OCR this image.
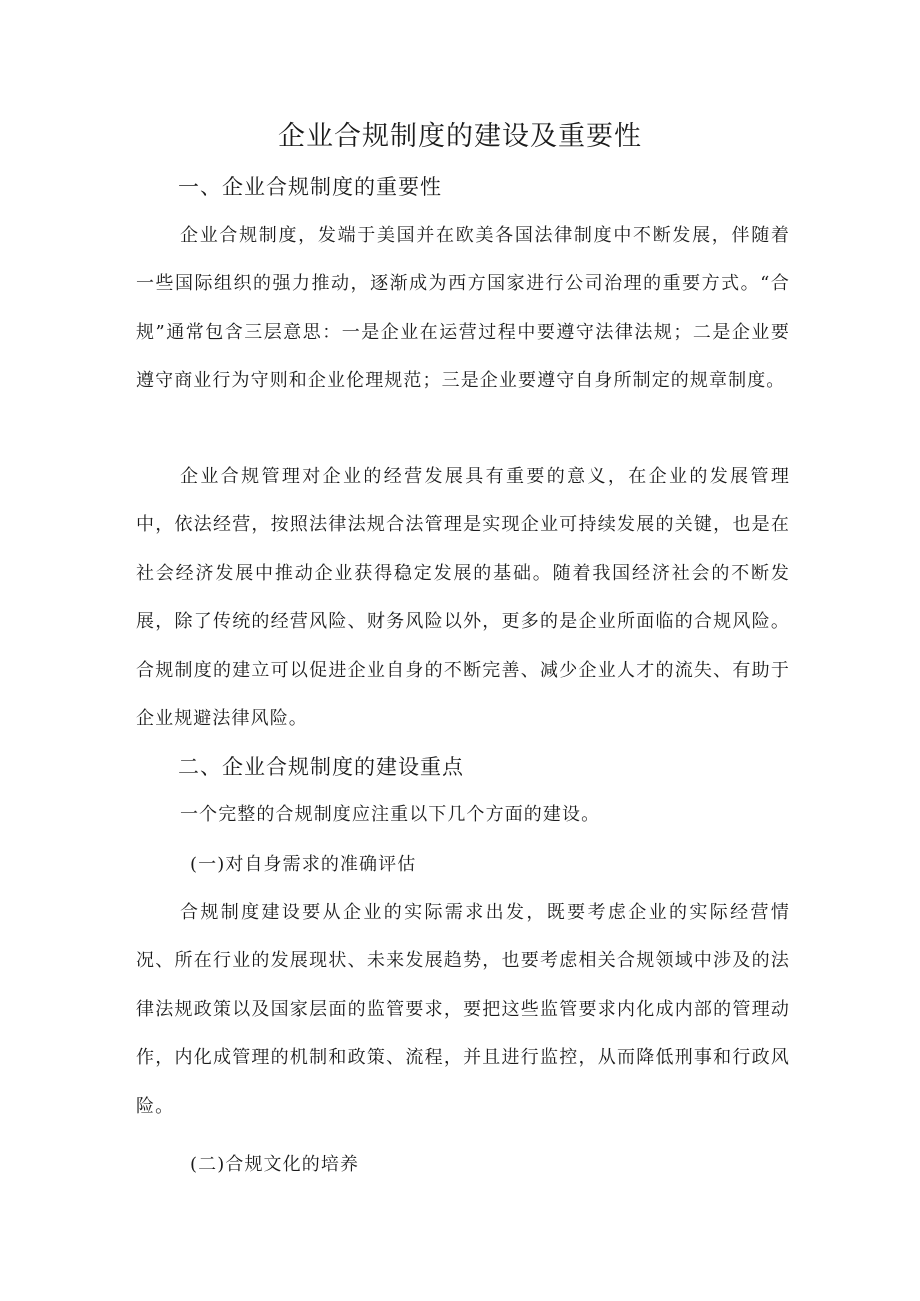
企业合规制度的建设及重要性
一、企业合规制度的重要性
企业合规制度，发端于美国并在欧美各国法律制度中不断发展，伴随着一些国际组织的强力推动，逐渐成为西方国家进行公司治理的重要方式。“合规”通常包含三层意思：一是企业在运营过程中要遵守法律法规；二是企业要遵守商业行为守则和企业伦理规范；三是企业要遵守自身所制定的规章制度。
企业合规管理对企业的经营发展具有重要的意义，在企业的发展管理中，依法经营，按照法律法规合法管理是实现企业可持续发展的关键，也是在社会经济发展中推动企业获得稳定发展的基础。随着我国经济社会的不断发展，除了传统的经营风险、财务风险以外，更多的是企业所面临的合规风险。合规制度的建立可以促进企业自身的不断完善、减少企业人才的流失、有助于企业规避法律风险。
二、企业合规制度的建设重点
一个完整的合规制度应注重以下几个方面的建设。
(一)对自身需求的准确评估
合规制度建设要从企业的实际需求出发，既要考虑企业的实际经营情况、所在行业的发展现状、未来发展趋势，也要考虑相关合规领域中涉及的法律法规政策以及国家层面的监管要求，要把这些监管要求内化成内部的管理动作，内化成管理的机制和政策、流程，并且进行监控，从而降低刑事和行政风险。
(二)合规文化的培养
